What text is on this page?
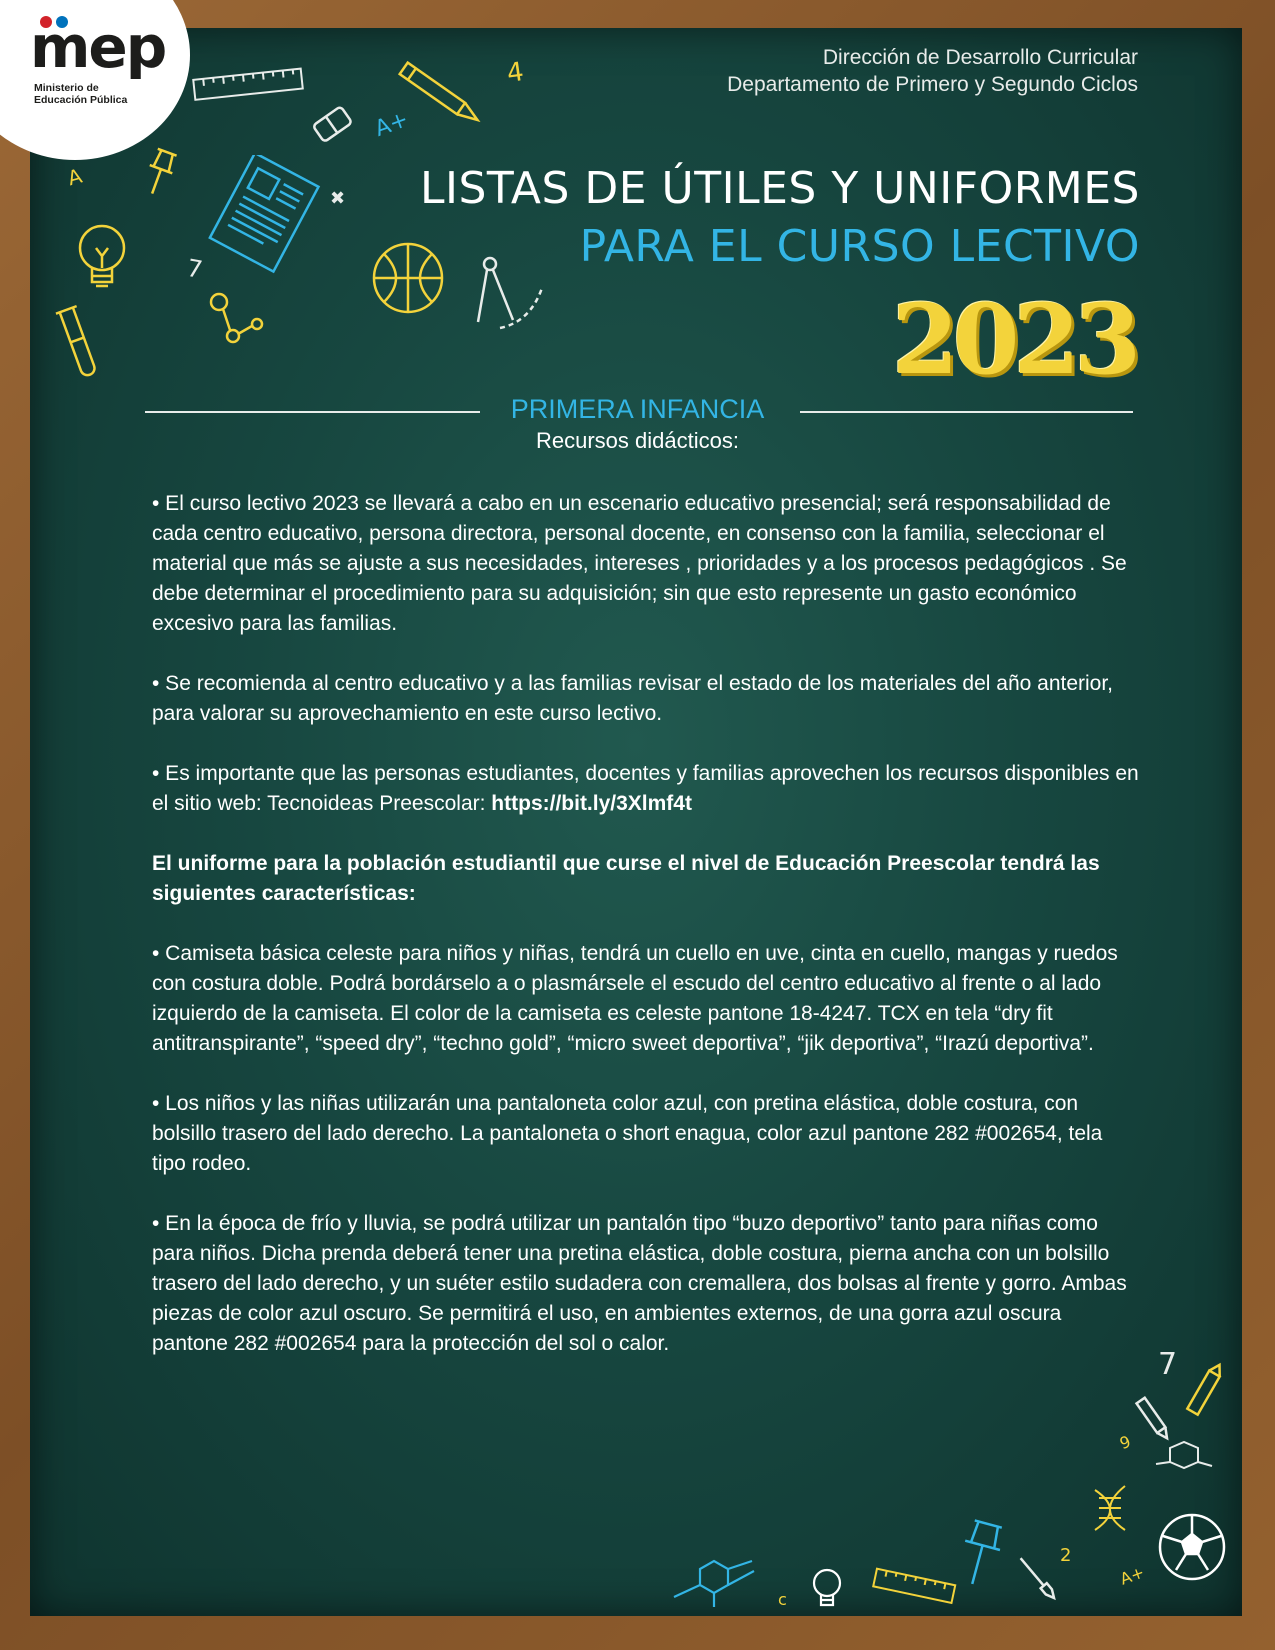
mep
Ministerio de
Educación Pública
Dirección de Desarrollo Curricular
Departamento de Primero y Segundo Ciclos
LISTAS DE ÚTILES Y UNIFORMES
PARA EL CURSO LECTIVO
2023
PRIMERA INFANCIA
Recursos didácticos:

• El curso lectivo 2023 se llevará a cabo en un escenario educativo presencial; será responsabilidad de cada centro educativo, persona directora, personal docente, en consenso con la familia, seleccionar el material que más se ajuste a sus necesidades, intereses , prioridades y a los procesos pedagógicos . Se debe determinar el procedimiento para su adquisición; sin que esto represente un gasto económico excesivo para las familias.

• Se recomienda al centro educativo y a las familias revisar el estado de los materiales del año anterior, para valorar su aprovechamiento en este curso lectivo.

• Es importante que las personas estudiantes, docentes y familias aprovechen los recursos disponibles en el sitio web: Tecnoideas Preescolar: https://bit.ly/3Xlmf4t

El uniforme para la población estudiantil que curse el nivel de Educación Preescolar tendrá las siguientes características:

• Camiseta básica celeste para niños y niñas, tendrá un cuello en uve, cinta en cuello, mangas y ruedos con costura doble. Podrá bordárselo a o plasmársele el escudo del centro educativo al frente o al lado izquierdo de la camiseta. El color de la camiseta es celeste pantone 18-4247. TCX en tela “dry fit antitranspirante”, “speed dry”, “techno gold”, “micro sweet deportiva”, “jik deportiva”, “Irazú deportiva”.

• Los niños y las niñas utilizarán una pantaloneta color azul, con pretina elástica, doble costura, con bolsillo trasero del lado derecho. La pantaloneta o short enagua, color azul pantone 282 #002654, tela tipo rodeo.

• En la época de frío y lluvia, se podrá utilizar un pantalón tipo “buzo deportivo” tanto para niñas como para niños. Dicha prenda deberá tener una pretina elástica, doble costura, pierna ancha con un bolsillo trasero del lado derecho, y un suéter estilo sudadera con cremallera, dos bolsas al frente y gorro. Ambas piezas de color azul oscuro. Se permitirá el uso, en ambientes externos, de una gorra azul oscura pantone 282 #002654 para la protección del sol o calor.

4
A+
A
✖
7
7
9
2
A+
c
